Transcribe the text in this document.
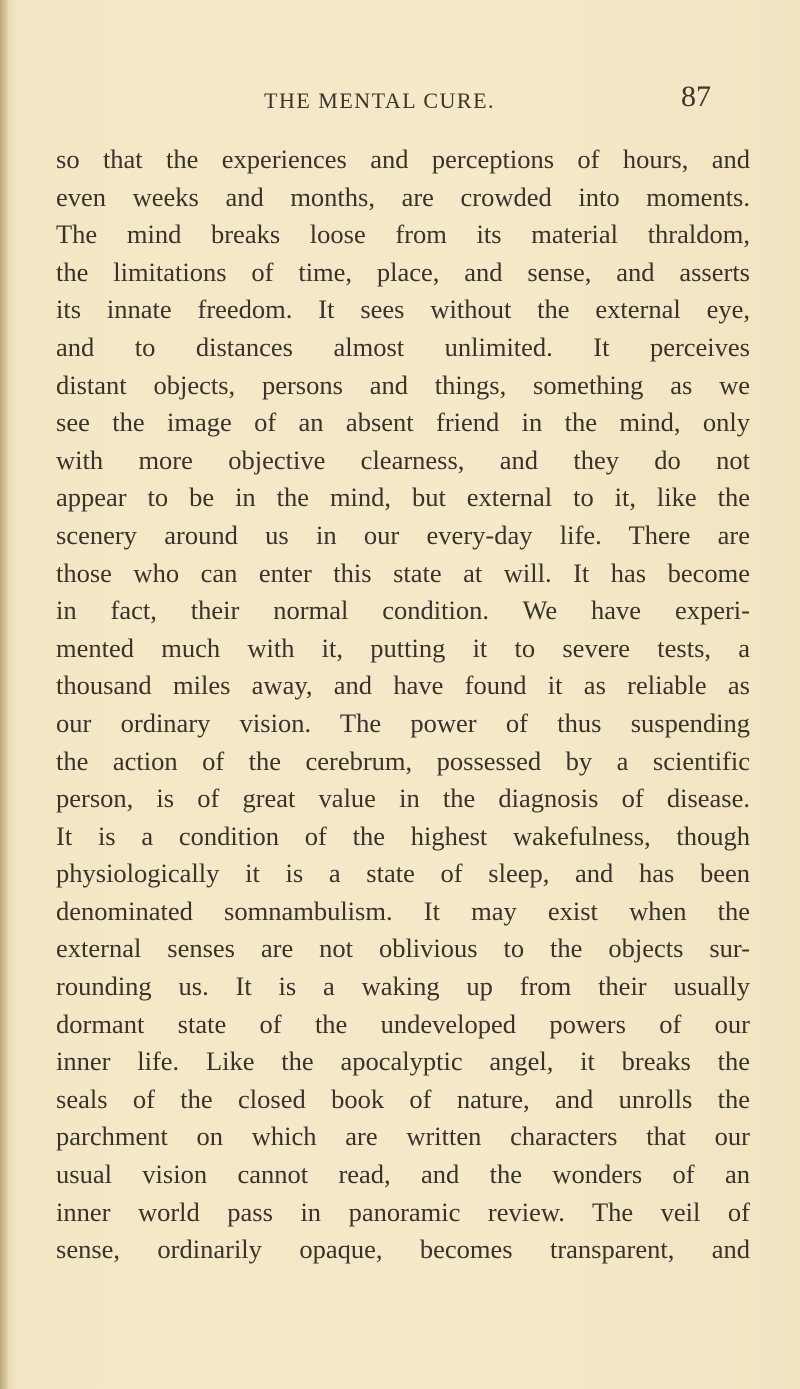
THE MENTAL CURE.	87
so that the experiences and perceptions of hours, and
even weeks and months, are crowded into moments.
The mind breaks loose from its material thraldom,
the limitations of time, place, and sense, and asserts
its innate freedom. It sees without the external eye,
and to distances almost unlimited. It perceives
distant objects, persons and things, something as we
see the image of an absent friend in the mind, only
with more objective clearness, and they do not
appear to be in the mind, but external to it, like the
scenery around us in our every-day life. There are
those who can enter this state at will. It has become
in fact, their normal condition. We have experi-
mented much with it, putting it to severe tests, a
thousand miles away, and have found it as reliable as
our ordinary vision. The power of thus suspending
the action of the cerebrum, possessed by a scientific
person, is of great value in the diagnosis of disease.
It is a condition of the highest wakefulness, though
physiologically it is a state of sleep, and has been
denominated somnambulism. It may exist when the
external senses are not oblivious to the objects sur-
rounding us. It is a waking up from their usually
dormant state of the undeveloped powers of our
inner life. Like the apocalyptic angel, it breaks the
seals of the closed book of nature, and unrolls the
parchment on which are written characters that our
usual vision cannot read, and the wonders of an
inner world pass in panoramic review. The veil of
sense, ordinarily opaque, becomes transparent, and
